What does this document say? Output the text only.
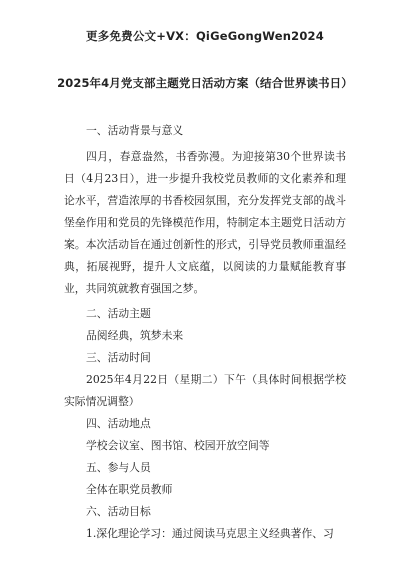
更多免费公文+VX：QiGeGongWen2024
2025年4月党支部主题党日活动方案（结合世界读书日）

一、活动背景与意义

四月，春意盎然，书香弥漫。为迎接第30个世界读书日（4月23日），进一步提升我校党员教师的文化素养和理论水平，营造浓厚的书香校园氛围，充分发挥党支部的战斗堡垒作用和党员的先锋模范作用，特制定本主题党日活动方案。本次活动旨在通过创新性的形式，引导党员教师重温经典，拓展视野，提升人文底蕴，以阅读的力量赋能教育事业，共同筑就教育强国之梦。

二、活动主题

品阅经典，筑梦未来

三、活动时间

2025年4月22日（星期二）下午（具体时间根据学校实际情况调整）

四、活动地点

学校会议室、图书馆、校园开放空间等

五、参与人员

全体在职党员教师

六、活动目标

1.深化理论学习：通过阅读马克思主义经典著作、习
